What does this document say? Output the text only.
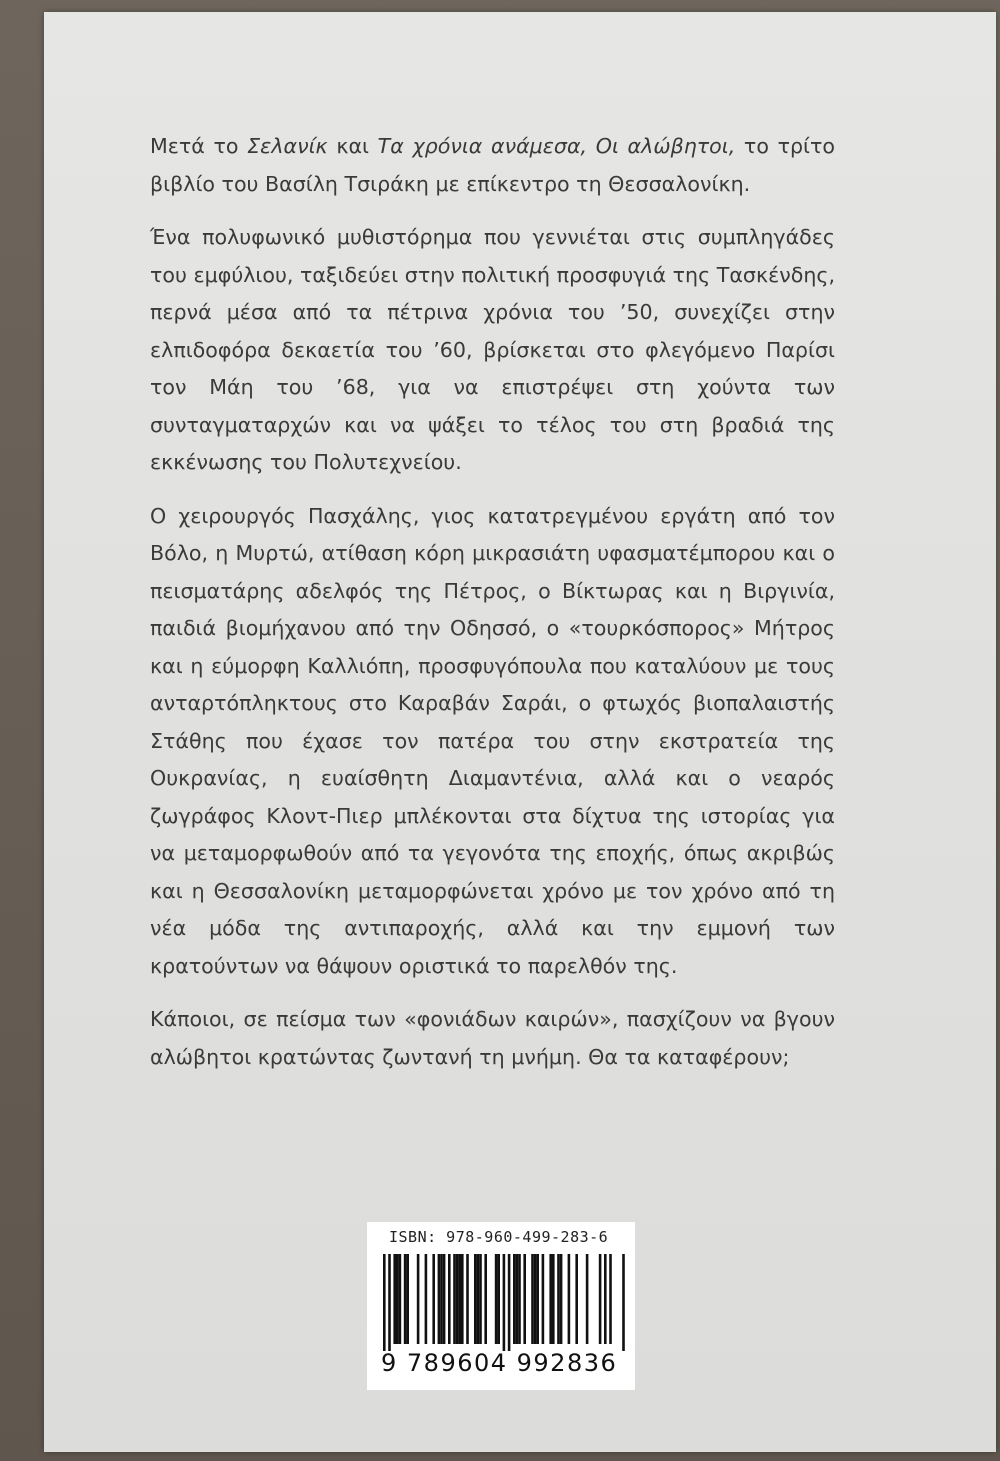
Μετά το Σελανίκ και Τα χρόνια ανάμεσα, Οι αλώβητοι, το τρίτο βιβλίο του Βασίλη Τσιράκη με επίκεντρο τη Θεσσαλονίκη.

Ένα πολυφωνικό μυθιστόρημα που γεννιέται στις συμπληγάδες του εμφύλιου, ταξιδεύει στην πολιτική προσφυγιά της Τασκένδης, περνά μέσα από τα πέτρινα χρόνια του ’50, συνεχίζει στην ελπιδοφόρα δεκαετία του ’60, βρίσκεται στο φλεγόμενο Παρίσι τον Μάη του ’68, για να επιστρέψει στη χούντα των συνταγματαρχών και να ψάξει το τέλος του στη βραδιά της εκκένωσης του Πολυτεχνείου.

Ο χειρουργός Πασχάλης, γιος κατατρεγμένου εργάτη από τον Βόλο, η Μυρτώ, ατίθαση κόρη μικρασιάτη υφασματέμπορου και ο πεισματάρης αδελφός της Πέτρος, ο Βίκτωρας και η Βιργινία, παιδιά βιομήχανου από την Οδησσό, ο «τουρκόσπορος» Μήτρος και η εύμορφη Καλλιόπη, προσφυγόπουλα που καταλύουν με τους ανταρτόπληκτους στο Καραβάν Σαράι, ο φτωχός βιοπαλαιστής Στάθης που έχασε τον πατέρα του στην εκστρατεία της Ουκρανίας, η ευαίσθητη Διαμαντένια, αλλά και ο νεαρός ζωγράφος Κλοντ-Πιερ μπλέκονται στα δίχτυα της ιστορίας για να μεταμορφωθούν από τα γεγονότα της εποχής, όπως ακριβώς και η Θεσσαλονίκη μεταμορφώνεται χρόνο με τον χρόνο από τη νέα μόδα της αντιπαροχής, αλλά και την εμμονή των κρατούντων να θάψουν οριστικά το παρελθόν της.

Κάποιοι, σε πείσμα των «φονιάδων καιρών», πασχίζουν να βγουν αλώβητοι κρατώντας ζωντανή τη μνήμη. Θα τα καταφέρουν;

ISBN: 978-960-499-283-6
9 789604 992836
